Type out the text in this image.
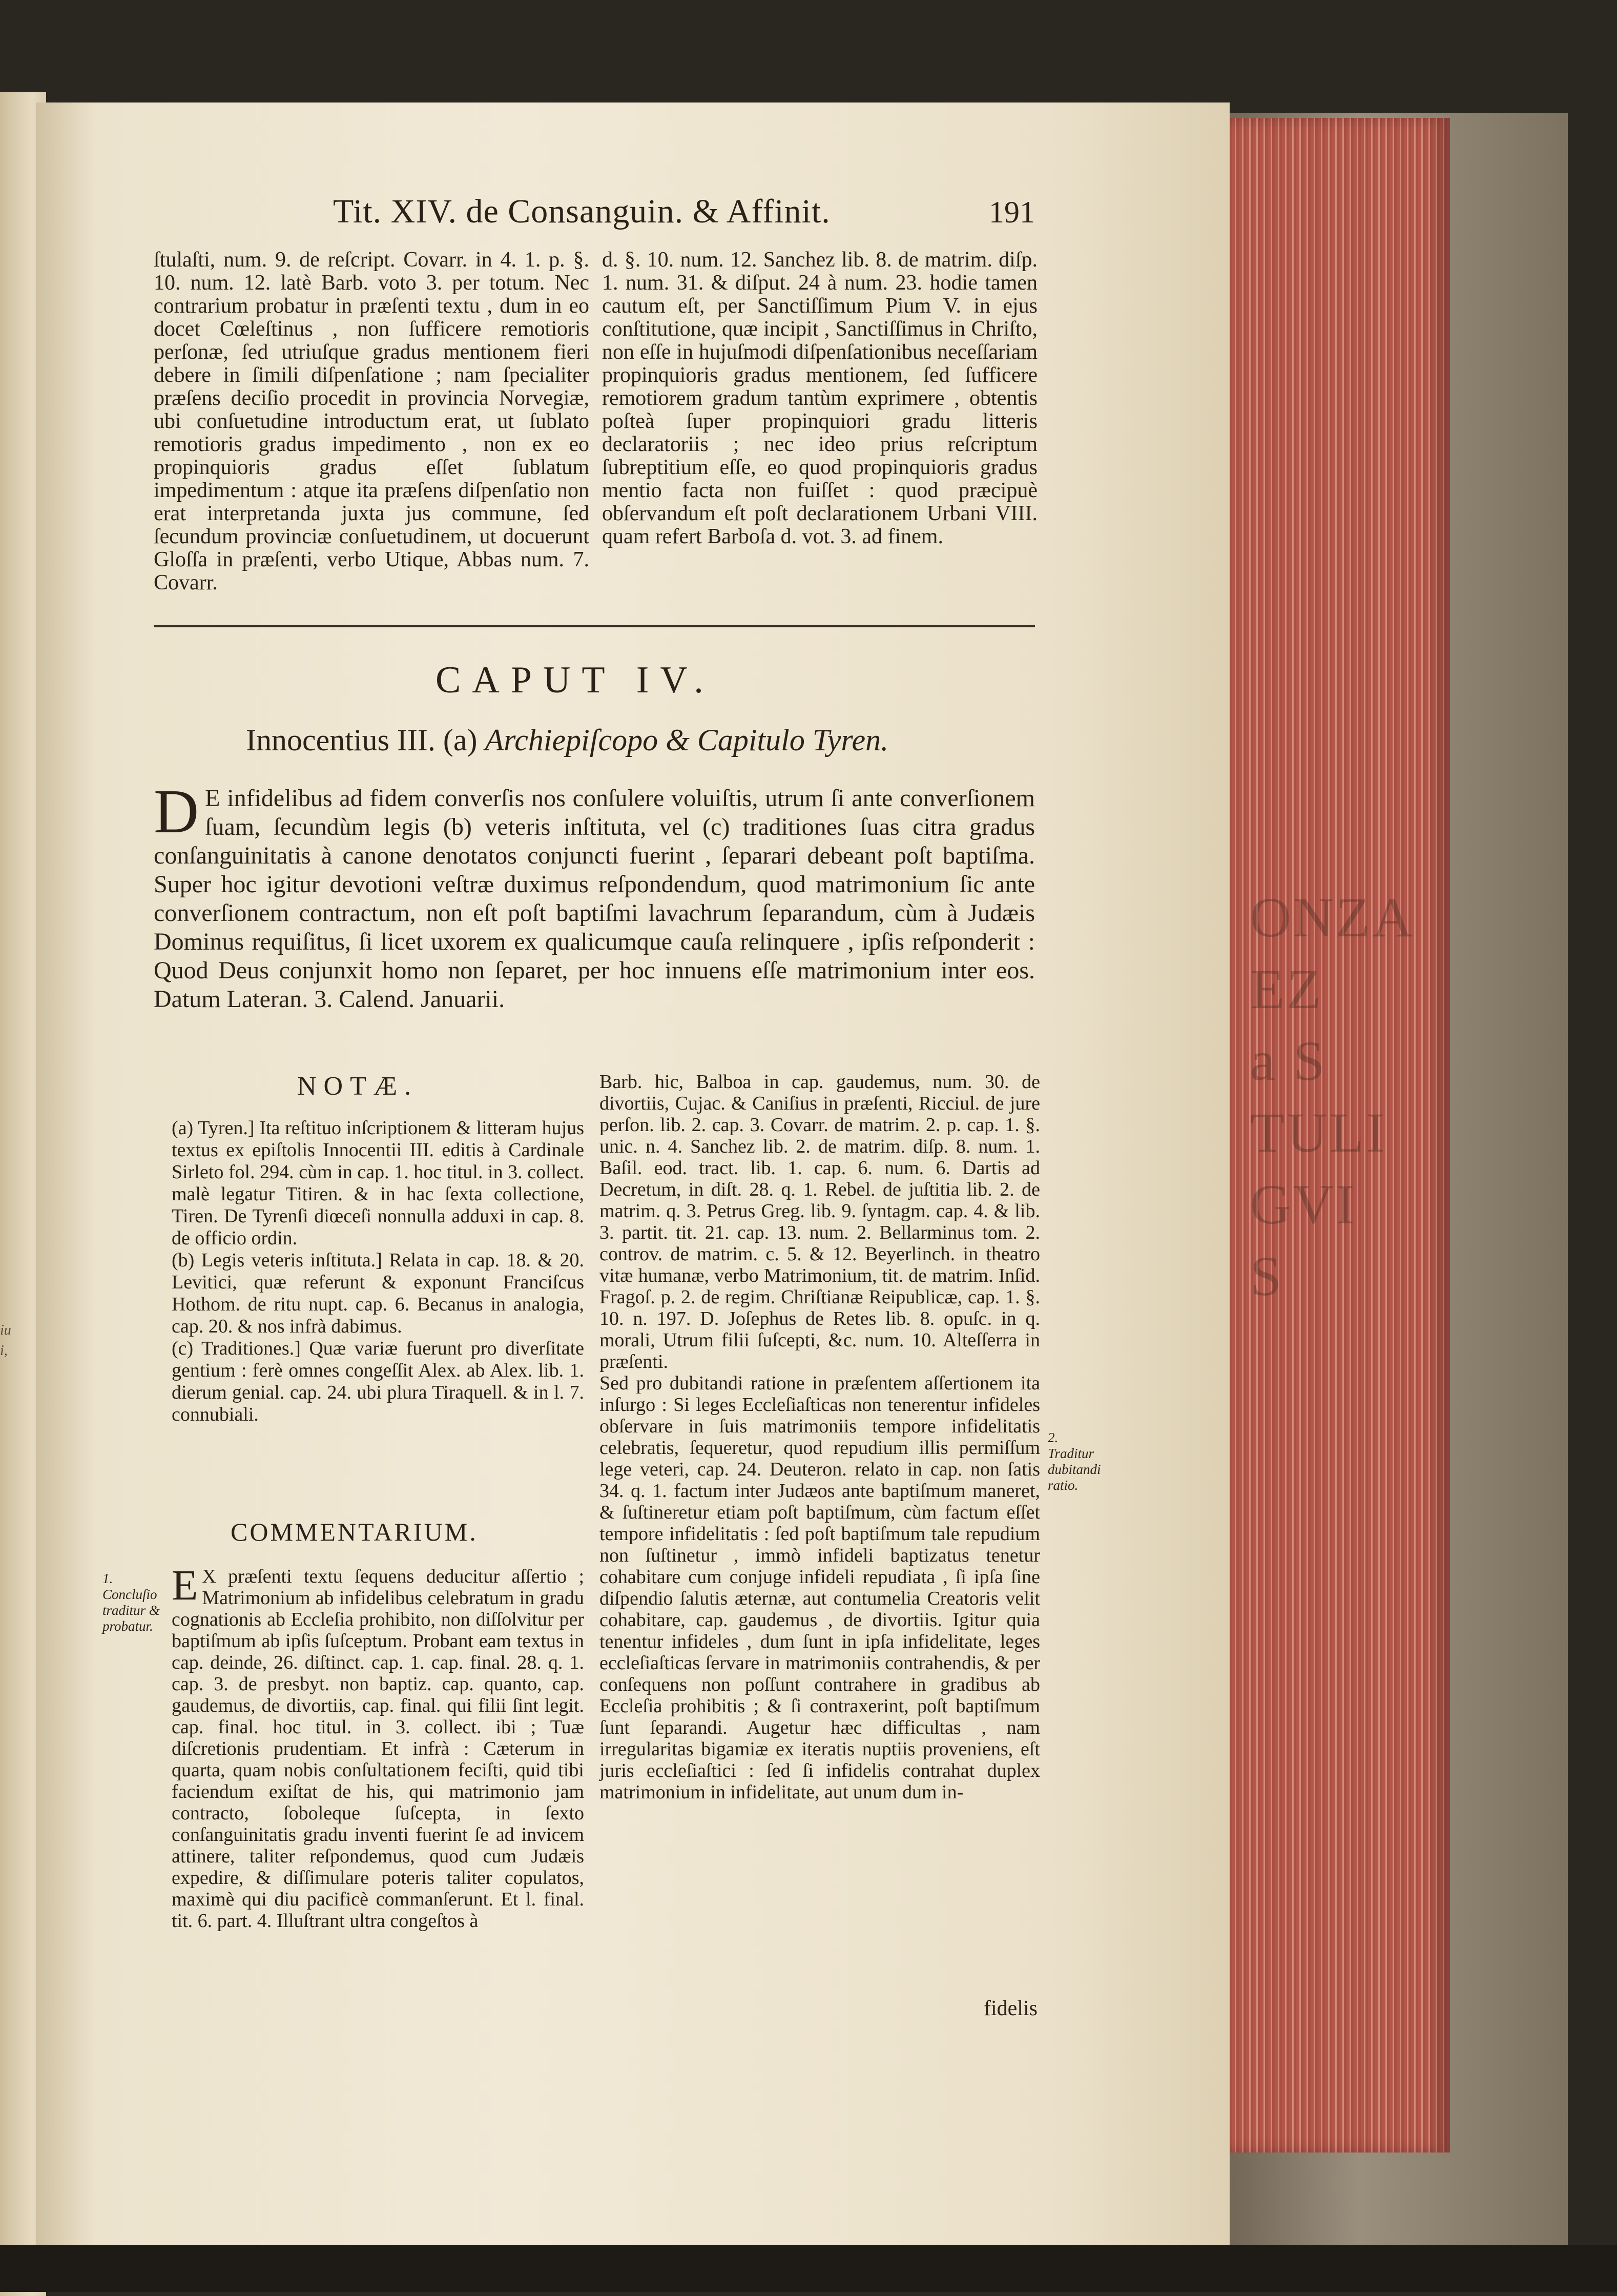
iu
i,
ONZA
EZ
a S
TULI
GVI
S
Tit. XIV. de Consanguin. & Affinit.	191

ſtulaſti, num. 9. de reſcript. Covarr. in 4. 1. p. §. 10. num. 12. latè Barb. voto 3. per totum. Nec contrarium probatur in præſenti textu , dum in eo docet Cœleſtinus , non ſufficere remotioris perſonæ, ſed utriuſque gradus mentionem fieri debere in ſimili diſpenſatione ; nam ſpecialiter præſens deciſio procedit in provincia Norvegiæ, ubi conſuetudine introductum erat, ut ſublato remotioris gradus impedimento , non ex eo propinquioris gradus eſſet ſublatum impedimentum : atque ita præſens diſpenſatio non erat interpretanda juxta jus commune, ſed ſecundum provinciæ conſuetudinem, ut docuerunt Gloſſa in præſenti, verbo Utique, Abbas num. 7. Covarr.

d. §. 10. num. 12. Sanchez lib. 8. de matrim. diſp. 1. num. 31. & diſput. 24 à num. 23. hodie tamen cautum eſt, per Sanctiſſimum Pium V. in ejus conſtitutione, quæ incipit , Sanctiſſimus in Chriſto, non eſſe in hujuſmodi diſpenſationibus neceſſariam propinquioris gradus mentionem, ſed ſufficere remotiorem gradum tantùm exprimere , obtentis poſteà ſuper propinquiori gradu litteris declaratoriis ; nec ideo prius reſcriptum ſubreptitium eſſe, eo quod propinquioris gradus mentio facta non fuiſſet : quod præcipuè obſervandum eſt poſt declarationem Urbani VIII. quam refert Barboſa d. vot. 3. ad finem.

CAPUT IV.
Innocentius III. (a) Archiepiſcopo & Capitulo Tyren.
D E infidelibus ad fidem converſis nos conſulere voluiſtis, utrum ſi ante converſionem ſuam, ſecundùm legis (b) veteris inſtituta, vel (c) traditiones ſuas citra gradus conſanguinitatis à canone denotatos conjuncti fuerint , ſeparari debeant poſt baptiſma. Super hoc igitur devotioni veſtræ duximus reſpondendum, quod matrimonium ſic ante converſionem contractum, non eſt poſt baptiſmi lavachrum ſeparandum, cùm à Judæis Dominus requiſitus, ſi licet uxorem ex qualicumque cauſa relinquere , ipſis reſponderit : Quod Deus conjunxit homo non ſeparet, per hoc innuens eſſe matrimonium inter eos. Datum Lateran. 3. Calend. Januarii.
NOTÆ.

(a) Tyren.] Ita reſtituo inſcriptionem & litteram hujus textus ex epiſtolis Innocentii III. editis à Cardinale Sirleto fol. 294. cùm in cap. 1. hoc titul. in 3. collect. malè legatur Titiren. & in hac ſexta collectione, Tiren. De Tyrenſi diœceſi nonnulla adduxi in cap. 8. de officio ordin.

(b) Legis veteris inſtituta.] Relata in cap. 18. & 20. Levitici, quæ referunt & exponunt Franciſcus Hothom. de ritu nupt. cap. 6. Becanus in analogia, cap. 20. & nos infrà dabimus.

(c) Traditiones.] Quæ variæ fuerunt pro diverſitate gentium : ferè omnes congeſſit Alex. ab Alex. lib. 1. dierum genial. cap. 24. ubi plura Tiraquell. & in l. 7. connubiali.

COMMENTARIUM.
1.
Concluſio traditur & probatur.
E X præſenti textu ſequens deducitur aſſertio ; Matrimonium ab infidelibus celebratum in gradu cognationis ab Eccleſia prohibito, non diſſolvitur per baptiſmum ab ipſis ſuſceptum. Probant eam textus in cap. deinde, 26. diſtinct. cap. 1. cap. final. 28. q. 1. cap. 3. de presbyt. non baptiz. cap. quanto, cap. gaudemus, de divortiis, cap. final. qui filii ſint legit. cap. final. hoc titul. in 3. collect. ibi ; Tuæ diſcretionis prudentiam. Et infrà : Cæterum in quarta, quam nobis conſultationem feciſti, quid tibi faciendum exiſtat de his, qui matrimonio jam contracto, ſoboleque ſuſcepta, in ſexto conſanguinitatis gradu inventi fuerint ſe ad invicem attinere, taliter reſpondemus, quod cum Judæis expedire, & diſſimulare poteris taliter copulatos, maximè qui diu pacificè commanſerunt. Et l. final. tit. 6. part. 4. Illuſtrant ultra congeſtos à

Barb. hic, Balboa in cap. gaudemus, num. 30. de divortiis, Cujac. & Caniſius in præſenti, Ricciul. de jure perſon. lib. 2. cap. 3. Covarr. de matrim. 2. p. cap. 1. §. unic. n. 4. Sanchez lib. 2. de matrim. diſp. 8. num. 1. Baſil. eod. tract. lib. 1. cap. 6. num. 6. Dartis ad Decretum, in diſt. 28. q. 1. Rebel. de juſtitia lib. 2. de matrim. q. 3. Petrus Greg. lib. 9. ſyntagm. cap. 4. & lib. 3. partit. tit. 21. cap. 13. num. 2. Bellarminus tom. 2. controv. de matrim. c. 5. & 12. Beyerlinch. in theatro vitæ humanæ, verbo Matrimonium, tit. de matrim. Inſid. Fragoſ. p. 2. de regim. Chriſtianæ Reipublicæ, cap. 1. §. 10. n. 197. D. Joſephus de Retes lib. 8. opuſc. in q. morali, Utrum filii ſuſcepti, &c. num. 10. Alteſſerra in præſenti.

Sed pro dubitandi ratione in præſentem aſſertionem ita inſurgo : Si leges Eccleſiaſticas non tenerentur infideles obſervare in ſuis matrimoniis tempore infidelitatis celebratis, ſequeretur, quod repudium illis permiſſum lege veteri, cap. 24. Deuteron. relato in cap. non ſatis 34. q. 1. factum inter Judæos ante baptiſmum maneret, & ſuſtineretur etiam poſt baptiſmum, cùm factum eſſet tempore infidelitatis : ſed poſt baptiſmum tale repudium non ſuſtinetur , immò infideli baptizatus tenetur cohabitare cum conjuge infideli repudiata , ſi ipſa ſine diſpendio ſalutis æternæ, aut contumelia Creatoris velit cohabitare, cap. gaudemus , de divortiis. Igitur quia tenentur infideles , dum ſunt in ipſa infidelitate, leges eccleſiaſticas ſervare in matrimoniis contrahendis, & per conſequens non poſſunt contrahere in gradibus ab Eccleſia prohibitis ; & ſi contraxerint, poſt baptiſmum ſunt ſeparandi. Augetur hæc difficultas , nam irregularitas bigamiæ ex iteratis nuptiis proveniens, eſt juris eccleſiaſtici : ſed ſi infidelis contrahat duplex matrimonium in infidelitate, aut unum dum in-

2.
Traditur dubitandi ratio.
fidelis
